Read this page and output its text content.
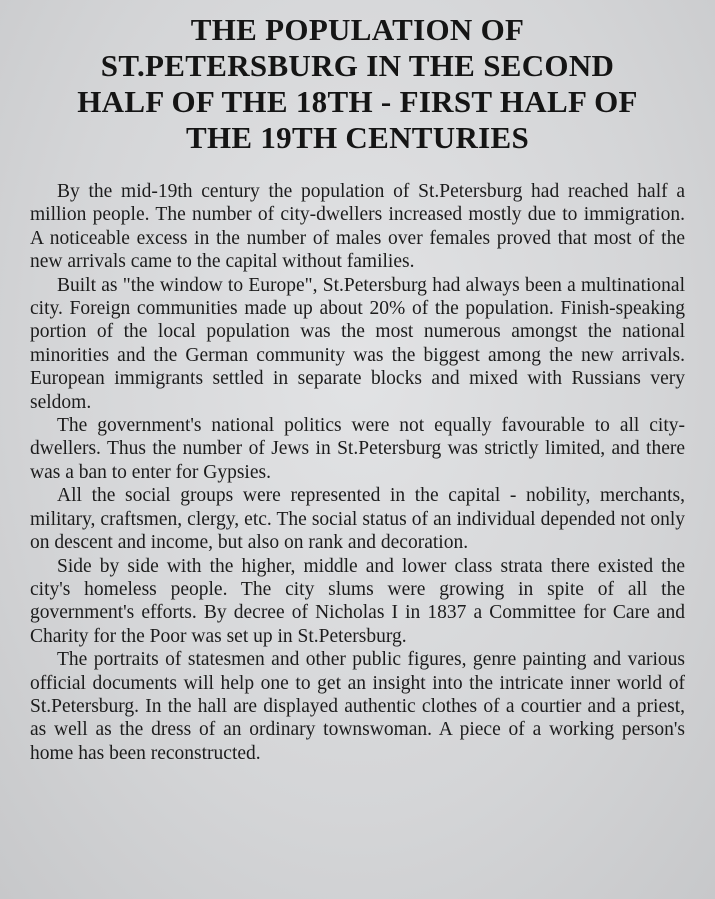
THE POPULATION OF
ST.PETERSBURG IN THE SECOND
HALF OF THE 18TH - FIRST HALF OF
THE 19TH CENTURIES

By the mid-19th century the population of St.Petersburg had reached half a million people. The number of city-dwellers increased mostly due to immigration. A noticeable excess in the number of males over females proved that most of the new arrivals came to the capital without families.

Built as "the window to Europe", St.Petersburg had always been a multinational city. Foreign communities made up about 20% of the population. Finish-speaking portion of the local population was the most numerous amongst the national minorities and the German community was the biggest among the new arrivals. European immigrants settled in separate blocks and mixed with Russians very seldom.

The government's national politics were not equally favourable to all city-dwellers. Thus the number of Jews in St.Petersburg was strictly limited, and there was a ban to enter for Gypsies.

All the social groups were represented in the capital - nobility, merchants, military, craftsmen, clergy, etc. The social status of an individual depended not only on descent and income, but also on rank and decoration.

Side by side with the higher, middle and lower class strata there existed the city's homeless people. The city slums were growing in spite of all the government's efforts. By decree of Nicholas I in 1837 a Committee for Care and Charity for the Poor was set up in St.Petersburg.

The portraits of statesmen and other public figures, genre painting and various official documents will help one to get an insight into the intricate inner world of St.Petersburg. In the hall are displayed authentic clothes of a courtier and a priest, as well as the dress of an ordinary townswoman. A piece of a working person's home has been reconstructed.
